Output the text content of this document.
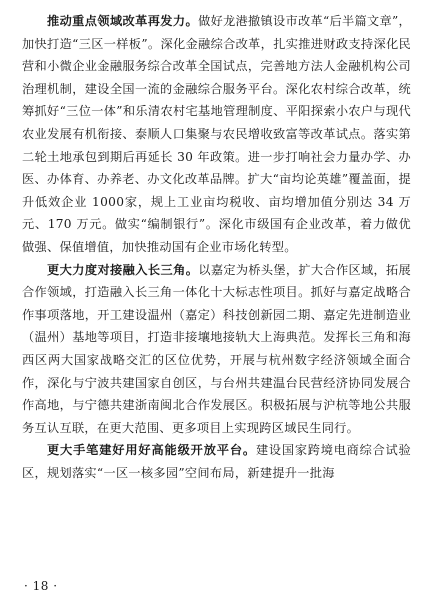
推动重点领域改革再发力。做好龙港撤镇设市改革“后半篇文章”，加快打造“三区一样板”。深化金融综合改革，扎实推进财政支持深化民营和小微企业金融服务综合改革全国试点，完善地方法人金融机构公司治理机制，建设全国一流的金融综合服务平台。深化农村综合改革，统筹抓好“三位一体”和乐清农村宅基地管理制度、平阳探索小农户与现代农业发展有机衔接、泰顺人口集聚与农民增收致富等改革试点。落实第二轮土地承包到期后再延长 30 年政策。进一步打响社会力量办学、办医、办体育、办养老、办文化改革品牌。扩大“亩均论英雄”覆盖面，提升低效企业 1000家，规上工业亩均税收、亩均增加值分别达 34 万元、170 万元。做实“编制银行”。深化市级国有企业改革，着力做优做强、保值增值，加快推动国有企业市场化转型。

更大力度对接融入长三角。以嘉定为桥头堡，扩大合作区域，拓展合作领域，打造融入长三角一体化十大标志性项目。抓好与嘉定战略合作事项落地，开工建设温州（嘉定）科技创新园二期、嘉定先进制造业（温州）基地等项目，打造非接壤地接轨大上海典范。发挥长三角和海西区两大国家战略交汇的区位优势，开展与杭州数字经济领域全面合作，深化与宁波共建国家自创区，与台州共建温台民营经济协同发展合作高地，与宁德共建浙南闽北合作发展区。积极拓展与沪杭等地公共服务互认互联，在更大范围、更多项目上实现跨区域民生同行。

更大手笔建好用好高能级开放平台。建设国家跨境电商综合试验区，规划落实“一区一核多园”空间布局，新建提升一批海

· 18 ·
